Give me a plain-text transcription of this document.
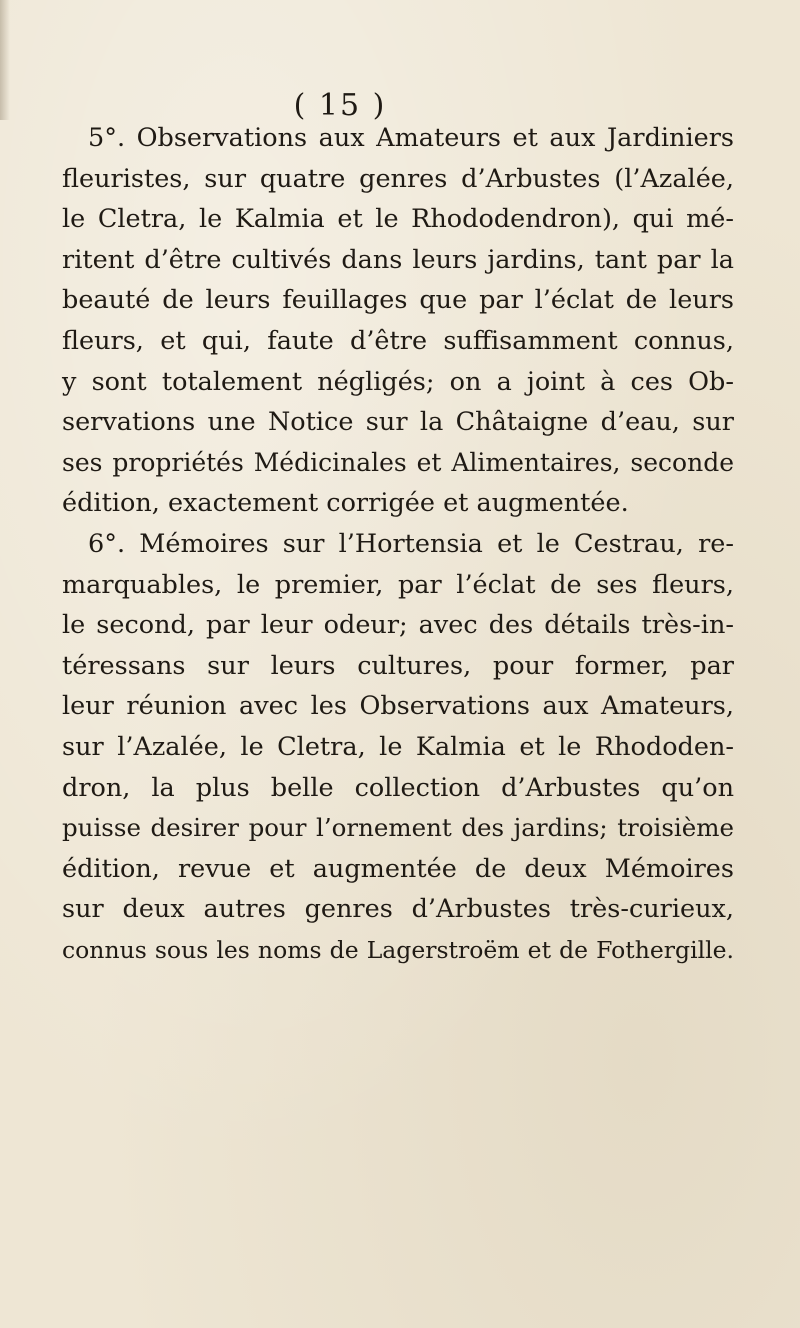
( 15 )
5°. Observations aux Amateurs et aux Jardiniers
fleuristes, sur quatre genres d’Arbustes (l’Azalée,
le Cletra, le Kalmia et le Rhododendron), qui mé-
ritent d’être cultivés dans leurs jardins, tant par la
beauté de leurs feuillages que par l’éclat de leurs
fleurs, et qui, faute d’être suffisamment connus,
y sont totalement négligés; on a joint à ces Ob-
servations une Notice sur la Châtaigne d’eau, sur
ses propriétés Médicinales et Alimentaires, seconde
édition, exactement corrigée et augmentée.
6°. Mémoires sur l’Hortensia et le Cestrau, re-
marquables, le premier, par l’éclat de ses fleurs,
le second, par leur odeur; avec des détails très-in-
téressans sur leurs cultures, pour former, par
leur réunion avec les Observations aux Amateurs,
sur l’Azalée, le Cletra, le Kalmia et le Rhododen-
dron, la plus belle collection d’Arbustes qu’on
puisse desirer pour l’ornement des jardins; troisième
édition, revue et augmentée de deux Mémoires
sur deux autres genres d’Arbustes très-curieux,
connus sous les noms de Lagerstroëm et de Fothergille.
